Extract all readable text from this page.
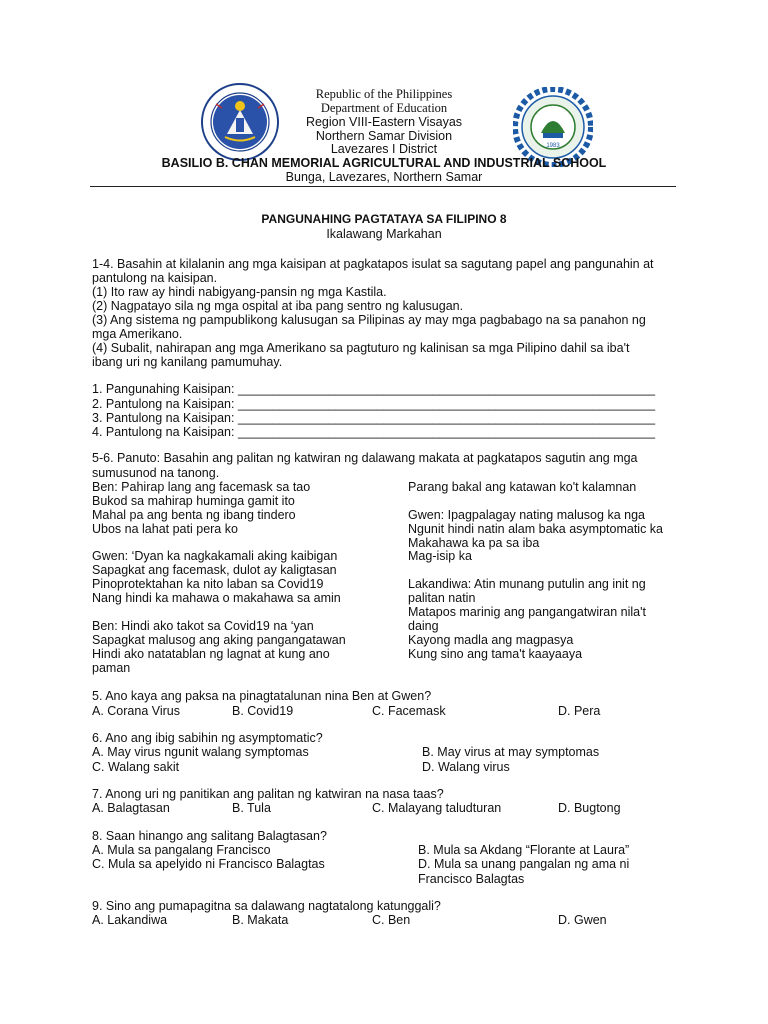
1983
Republic of the Philippines
Department of Education
Region VIII-Eastern Visayas
Northern Samar Division
Lavezares I District
BASILIO B. CHAN MEMORIAL AGRICULTURAL AND INDUSTRIAL SCHOOL
Bunga, Lavezares, Northern Samar
PANGUNAHING PAGTATAYA SA FILIPINO 8
Ikalawang Markahan
1-4. Basahin at kilalanin ang mga kaisipan at pagkatapos isulat sa sagutang papel ang pangunahin at
pantulong na kaisipan.
(1) Ito raw ay hindi nabigyang-pansin ng mga Kastila.
(2) Nagpatayo sila ng mga ospital at iba pang sentro ng kalusugan.
(3) Ang sistema ng pampublikong kalusugan sa Pilipinas ay may mga pagbabago na sa panahon ng
mga Amerikano.
(4) Subalit, nahirapan ang mga Amerikano sa pagtuturo ng kalinisan sa mga Pilipino dahil sa iba't
ibang uri ng kanilang pamumuhay.
1. Pangunahing Kaisipan: ____________________________________________________________
2. Pantulong na Kaisipan: ____________________________________________________________
3. Pantulong na Kaisipan: ____________________________________________________________
4. Pantulong na Kaisipan: ____________________________________________________________
5-6. Panuto: Basahin ang palitan ng katwiran ng dalawang makata at pagkatapos sagutin ang mga
sumusunod na tanong.
Ben: Pahirap lang ang facemask sa tao
Bukod sa mahirap huminga gamit ito
Mahal pa ang benta ng ibang tindero
Ubos na lahat pati pera ko
Gwen: ‘Dyan ka nagkakamali aking kaibigan
Sapagkat ang facemask, dulot ay kaligtasan
Pinoprotektahan ka nito laban sa Covid19
Nang hindi ka mahawa o makahawa sa amin
Ben: Hindi ako takot sa Covid19 na ‘yan
Sapagkat malusog ang aking pangangatawan
Hindi ako natatablan ng lagnat at kung ano
paman
Parang bakal ang katawan ko't kalamnan
Gwen: Ipagpalagay nating malusog ka nga
Ngunit hindi natin alam baka asymptomatic ka
Makahawa ka pa sa iba
Mag-isip ka
Lakandiwa: Atin munang putulin ang init ng
palitan natin
Matapos marinig ang pangangatwiran nila't
daing
Kayong madla ang magpasya
Kung sino ang tama't kaayaaya
5. Ano kaya ang paksa na pinagtatalunan nina Ben at Gwen?
A. Corana Virus	B. Covid19	C. Facemask	D. Pera
6. Ano ang ibig sabihin ng asymptomatic?
A. May virus ngunit walang symptomas	B. May virus at may symptomas
C. Walang sakit	D. Walang virus
7. Anong uri ng panitikan ang palitan ng katwiran na nasa taas?
A. Balagtasan	B. Tula	C. Malayang taludturan	D. Bugtong
8. Saan hinango ang salitang Balagtasan?
A. Mula sa pangalang Francisco	B. Mula sa Akdang “Florante at Laura”
C. Mula sa apelyido ni Francisco Balagtas	D. Mula sa unang pangalan ng ama ni
Francisco Balagtas
9. Sino ang pumapagitna sa dalawang nagtatalong katunggali?
A. Lakandiwa	B. Makata	C. Ben	D. Gwen
